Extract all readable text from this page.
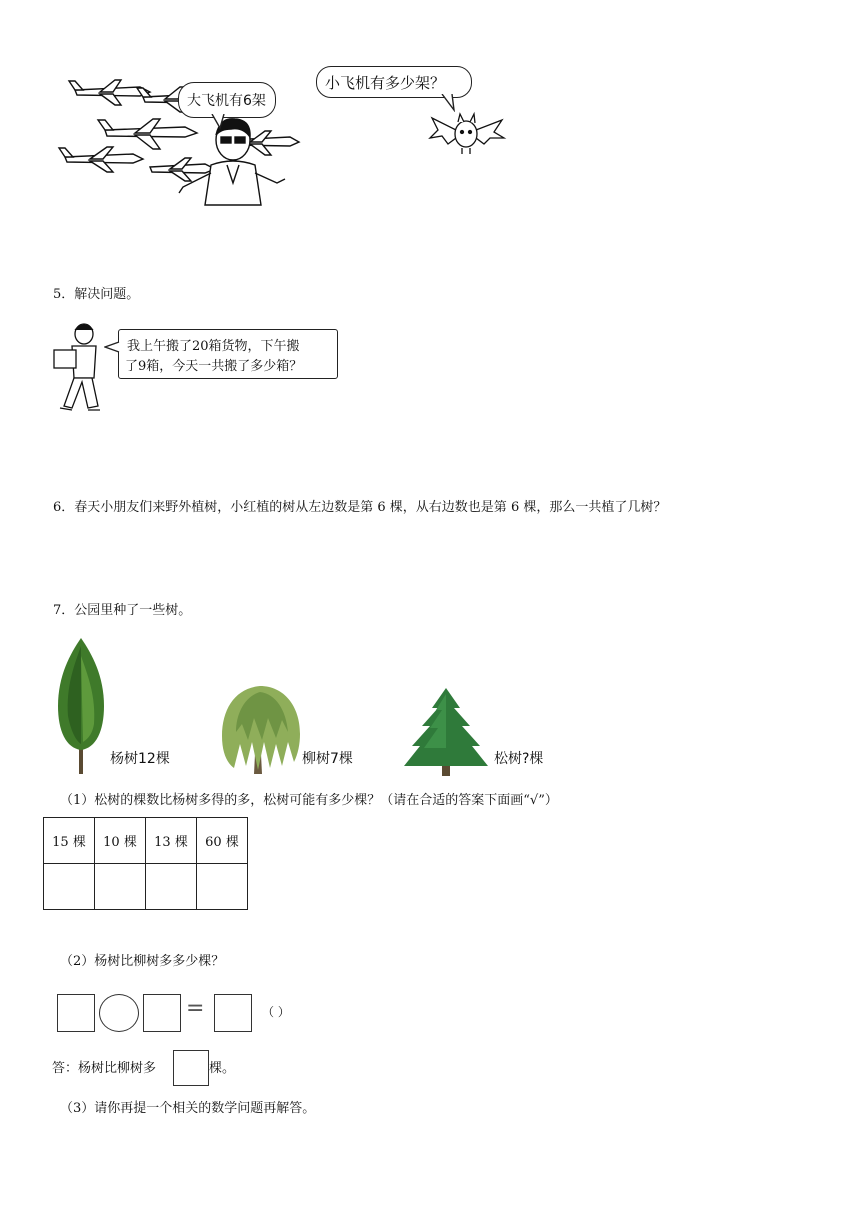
大飞机有6架
小飞机有多少架？
5．解决问题。
我上午搬了20箱货物，下午搬
了9箱，今天一共搬了多少箱？
6．春天小朋友们来野外植树，小红植的树从左边数是第 6 棵，从右边数也是第 6 棵，那么一共植了几树？
7．公园里种了一些树。
杨树12棵	柳树7棵	松树?棵
（1）松树的棵数比杨树多得的多，松树可能有多少棵？（请在合适的答案下面画“√”）
15 棵	10 棵	13 棵	60 棵

（2）杨树比柳树多多少棵？
=	（ ）
答：杨树比柳树多	棵。
（3）请你再提一个相关的数学问题再解答。
